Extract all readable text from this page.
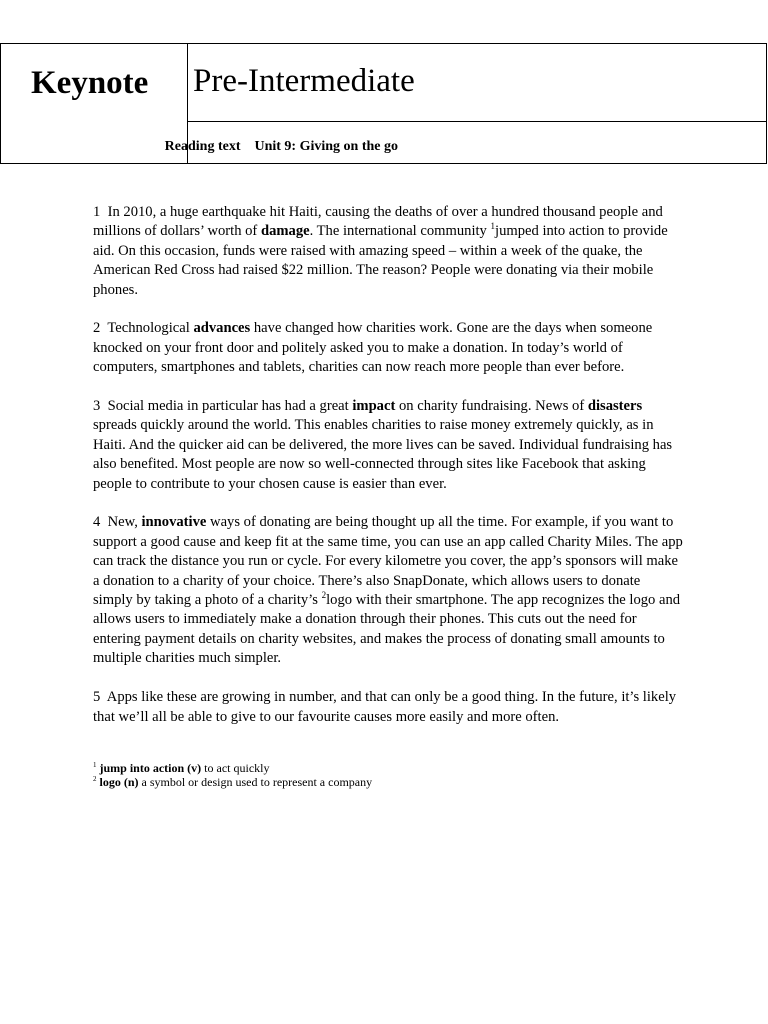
Keynote Pre-Intermediate
Reading text Unit 9: Giving on the go

1 In 2010, a huge earthquake hit Haiti, causing the deaths of over a hundred thousand people and millions of dollars’ worth of damage. The international community $^1$jumped into action to provide aid. On this occasion, funds were raised with amazing speed – within a week of the quake, the American Red Cross had raised $22 million. The reason? People were donating via their mobile phones.

2 Technological advances have changed how charities work. Gone are the days when someone knocked on your front door and politely asked you to make a donation. In today’s world of computers, smartphones and tablets, charities can now reach more people than ever before.

3 Social media in particular has had a great impact on charity fundraising. News of disasters spreads quickly around the world. This enables charities to raise money extremely quickly, as in Haiti. And the quicker aid can be delivered, the more lives can be saved. Individual fundraising has also benefited. Most people are now so well-connected through sites like Facebook that asking people to contribute to your chosen cause is easier than ever.

4 New, innovative ways of donating are being thought up all the time. For example, if you want to support a good cause and keep fit at the same time, you can use an app called Charity Miles. The app can track the distance you run or cycle. For every kilometre you cover, the app’s sponsors will make a donation to a charity of your choice. There’s also SnapDonate, which allows users to donate simply by taking a photo of a charity’s $^2$logo with their smartphone. The app recognizes the logo and allows users to immediately make a donation through their phones. This cuts out the need for entering payment details on charity websites, and makes the process of donating small amounts to multiple charities much simpler.

5 Apps like these are growing in number, and that can only be a good thing. In the future, it’s likely that we’ll all be able to give to our favourite causes more easily and more often.

$^1$ jump into action (v) to act quickly
$^2$ logo (n) a symbol or design used to represent a company
